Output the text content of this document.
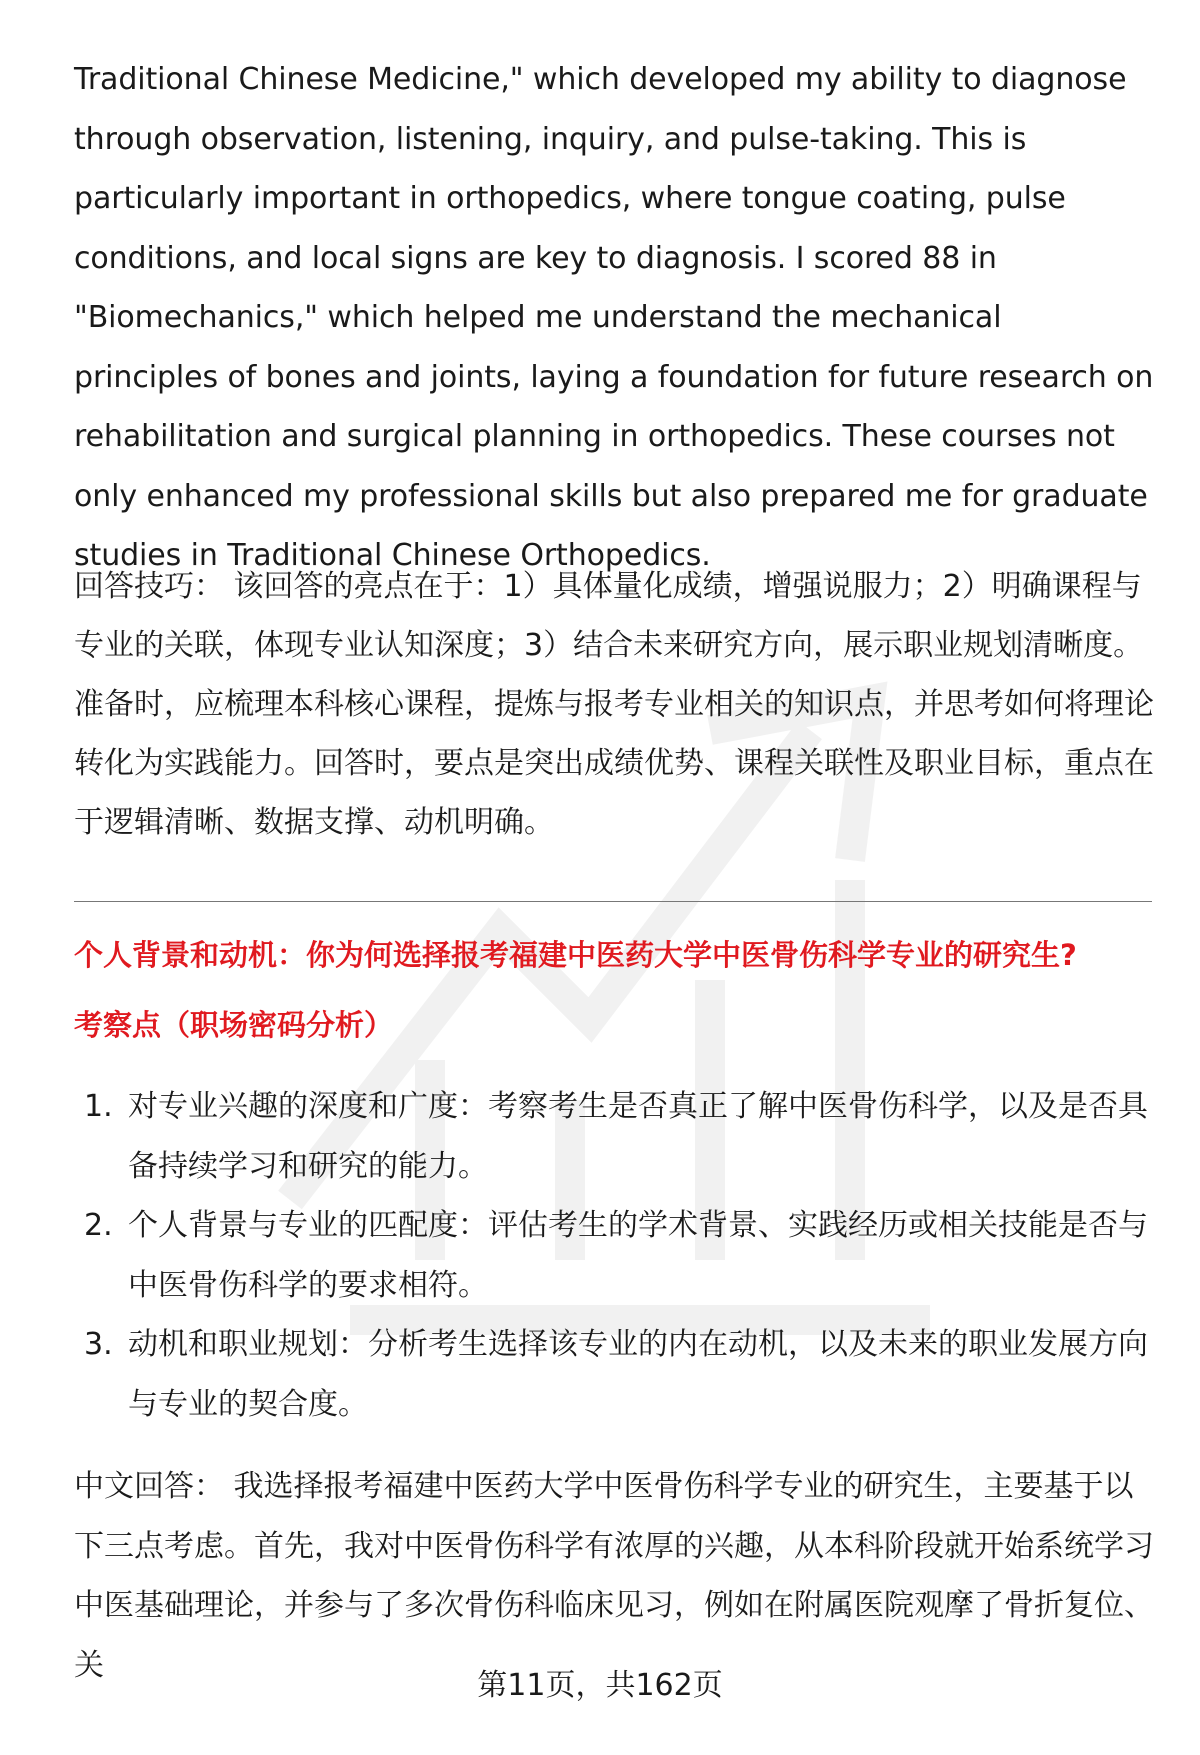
Traditional Chinese Medicine," which developed my ability to diagnose through observation, listening, inquiry, and pulse-taking. This is particularly important in orthopedics, where tongue coating, pulse conditions, and local signs are key to diagnosis. I scored 88 in "Biomechanics," which helped me understand the mechanical principles of bones and joints, laying a foundation for future research on rehabilitation and surgical planning in orthopedics. These courses not only enhanced my professional skills but also prepared me for graduate studies in Traditional Chinese Orthopedics.

回答技巧： 该回答的亮点在于：1）具体量化成绩，增强说服力；2）明确课程与专业的关联，体现专业认知深度；3）结合未来研究方向，展示职业规划清晰度。准备时，应梳理本科核心课程，提炼与报考专业相关的知识点，并思考如何将理论转化为实践能力。回答时，要点是突出成绩优势、课程关联性及职业目标，重点在于逻辑清晰、数据支撑、动机明确。

个人背景和动机：你为何选择报考福建中医药大学中医骨伤科学专业的研究生?
考察点（职场密码分析）
1. 对专业兴趣的深度和广度：考察考生是否真正了解中医骨伤科学，以及是否具备持续学习和研究的能力。
2. 个人背景与专业的匹配度：评估考生的学术背景、实践经历或相关技能是否与中医骨伤科学的要求相符。
3. 动机和职业规划：分析考生选择该专业的内在动机，以及未来的职业发展方向与专业的契合度。

中文回答： 我选择报考福建中医药大学中医骨伤科学专业的研究生，主要基于以下三点考虑。首先，我对中医骨伤科学有浓厚的兴趣，从本科阶段就开始系统学习中医基础理论，并参与了多次骨伤科临床见习，例如在附属医院观摩了骨折复位、关

第11页，共162页
